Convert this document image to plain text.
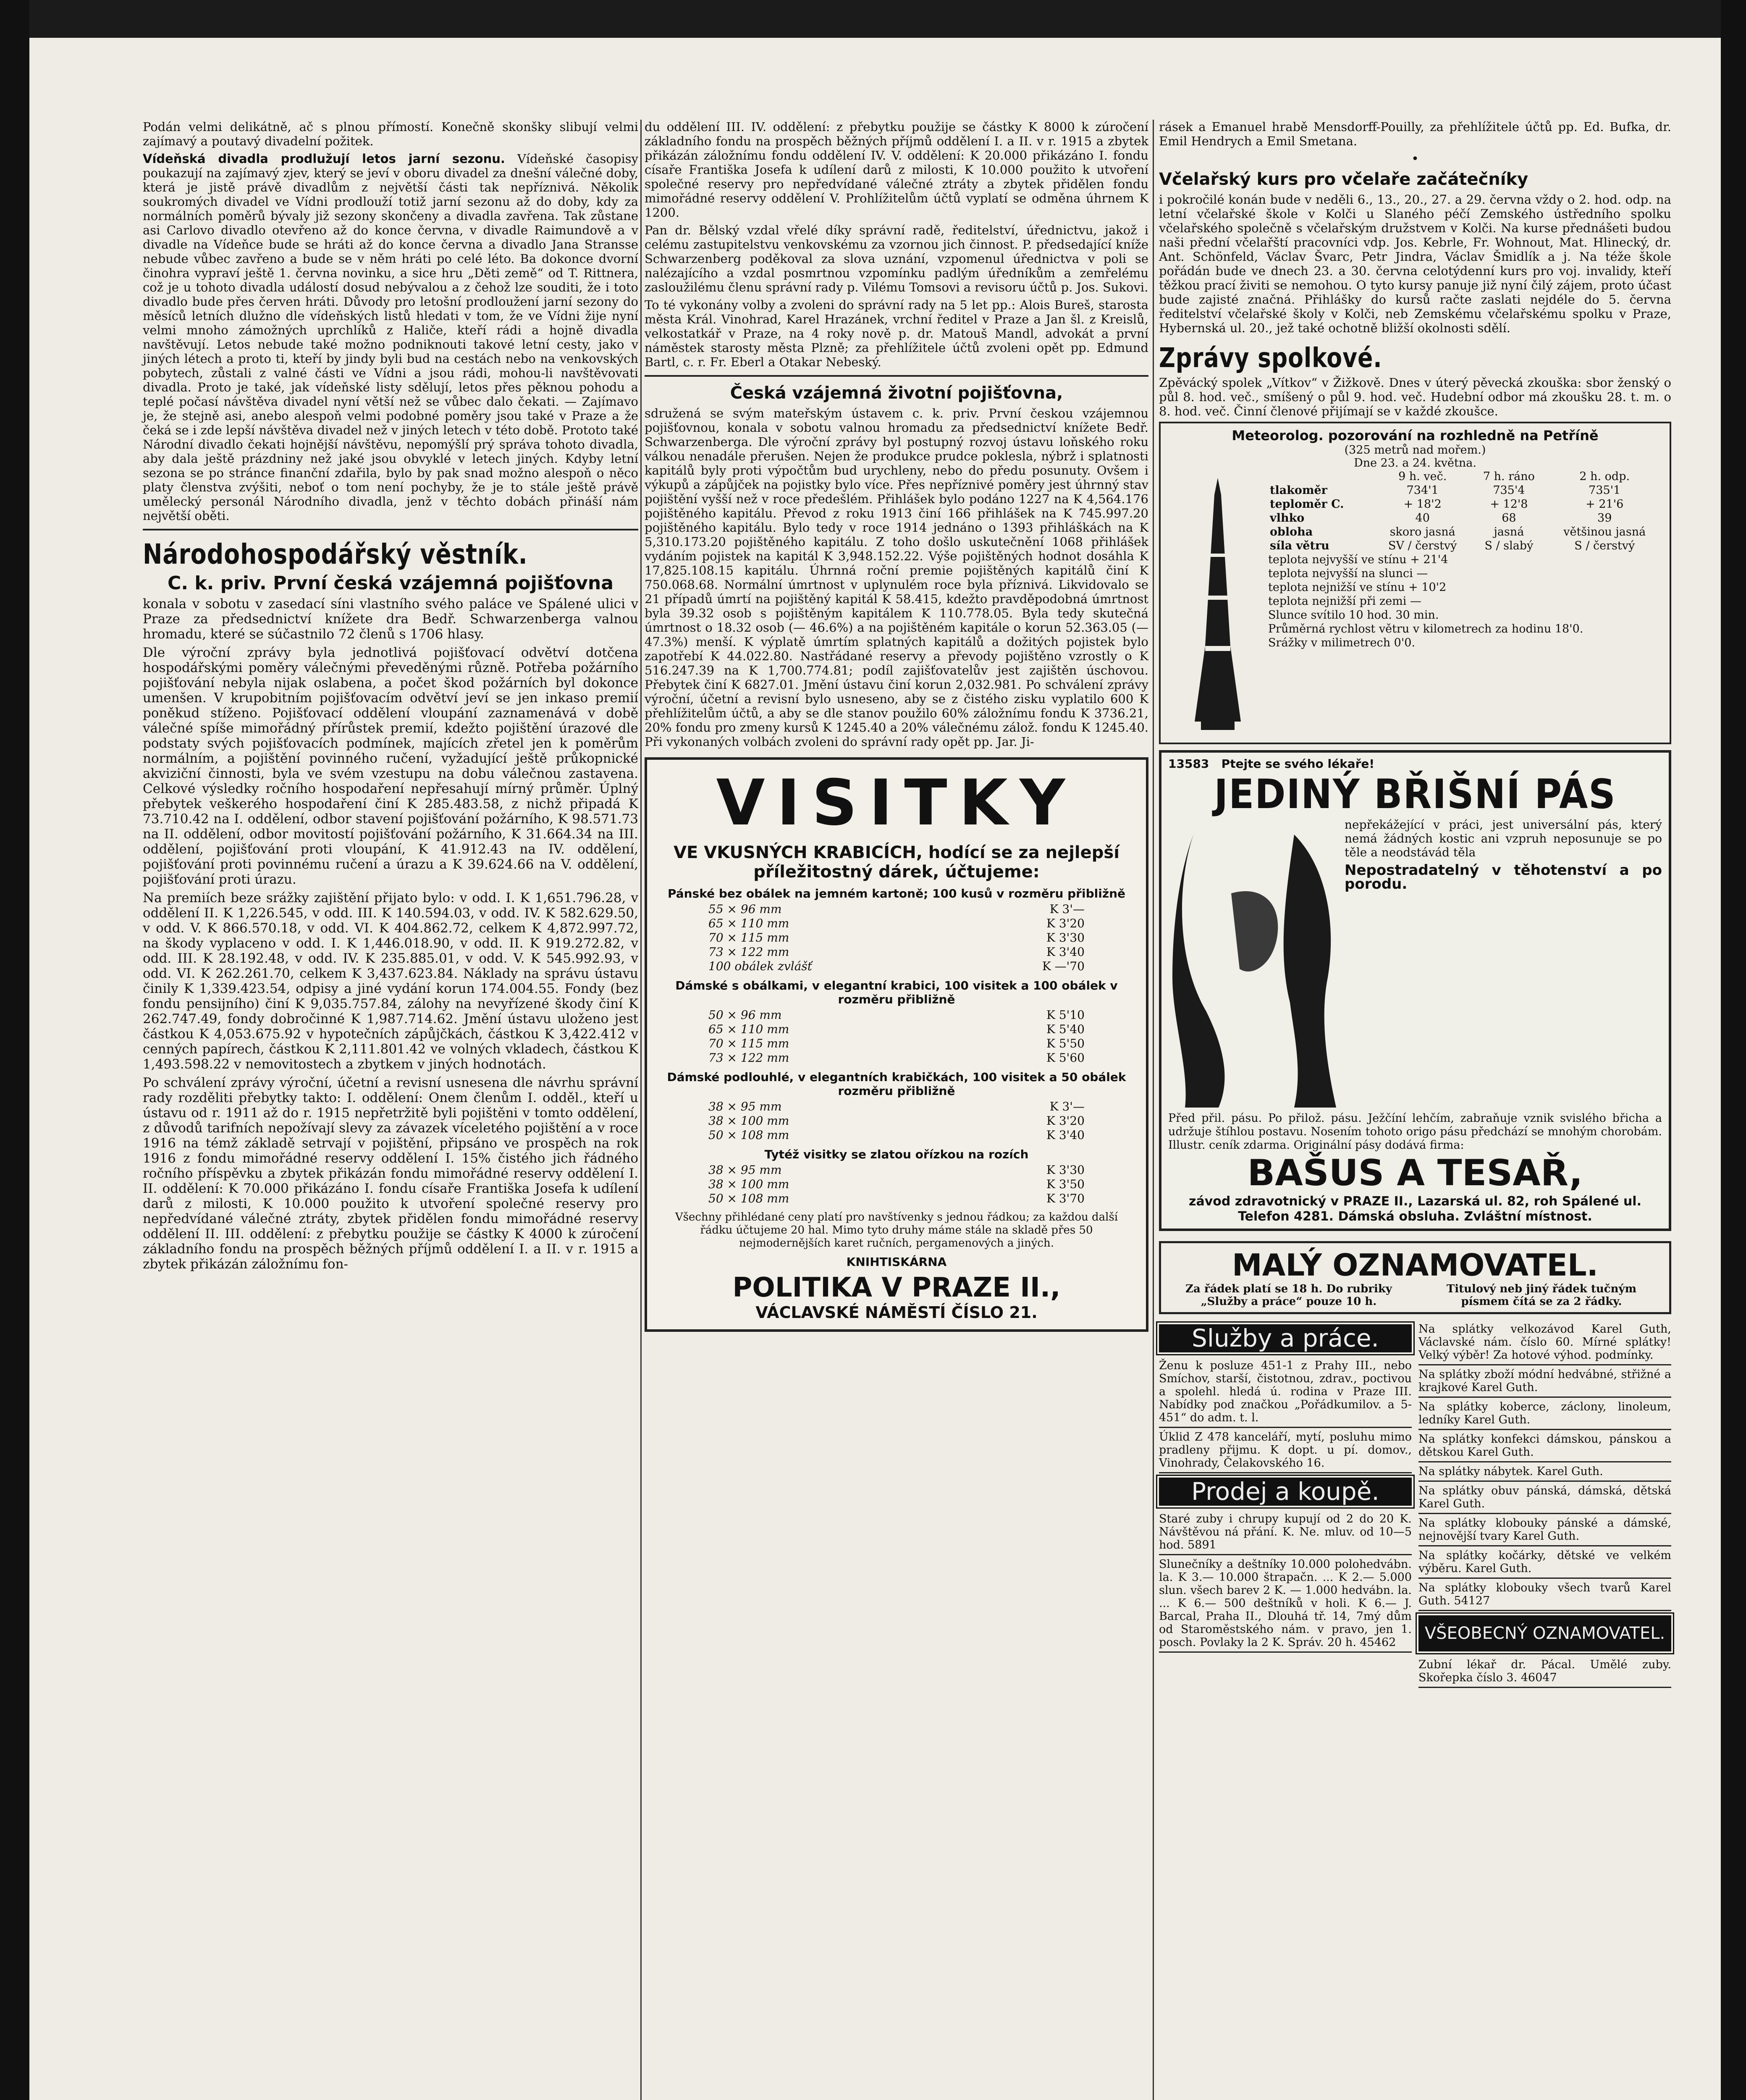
Podán velmi delikátně, ač s plnou přímostí. Konečně skonšky slibují velmi zajímavý a poutavý divadelní požitek.

Vídeňská divadla prodlužují letos jarní sezonu. Vídeňské časopisy poukazují na zajímavý zjev, který se jeví v oboru divadel za dnešní válečné doby, která je jistě právě divadlům z největší části tak nepříznivá. Několik soukromých divadel ve Vídni prodlouží totiž jarní sezonu až do doby, kdy za normálních poměrů bývaly již sezony skončeny a divadla zavřena. Tak zůstane asi Carlovo divadlo otevřeno až do konce června, v divadle Raimundově a v divadle na Vídeňce bude se hráti až do konce června a divadlo Jana Stransse nebude vůbec zavřeno a bude se v něm hráti po celé léto. Ba dokonce dvorní činohra vypraví ještě 1. června novinku, a sice hru „Děti země“ od T. Rittnera, což je u tohoto divadla událostí dosud nebývalou a z čehož lze souditi, že i toto divadlo bude přes červen hráti. Důvody pro letošní prodloužení jarní sezony do měsíců letních dlužno dle vídeňských listů hledati v tom, že ve Vídni žije nyní velmi mnoho zámožných uprchlíků z Haliče, kteří rádi a hojně divadla navštěvují. Letos nebude také možno podniknouti takové letní cesty, jako v jiných létech a proto ti, kteří by jindy byli bud na cestách nebo na venkovských pobytech, zůstali z valné části ve Vídni a jsou rádi, mohou-li navštěvovati divadla. Proto je také, jak vídeňské listy sdělují, letos přes pěknou pohodu a teplé počasí návštěva divadel nyní větší než se vůbec dalo čekati. — Zajímavo je, že stejně asi, anebo alespoň velmi podobné poměry jsou také v Praze a že čeká se i zde lepší návštěva divadel než v jiných letech v této době. Prototo také Národní divadlo čekati hojnější návštěvu, nepomýšlí prý správa tohoto divadla, aby dala ještě prázdniny než jaké jsou obvyklé v letech jiných. Kdyby letní sezona se po stránce finanční zdařila, bylo by pak snad možno alespoň o něco platy členstva zvýšiti, neboť o tom není pochyby, že je to stále ještě právě umělecký personál Národního divadla, jenž v těchto dobách přináší nám největší oběti.

Národohospodářský věstník.
C. k. priv. První česká vzájemná pojišťovna

konala v sobotu v zasedací síni vlastního svého paláce ve Spálené ulici v Praze za předsednictví knížete dra Bedř. Schwarzenberga valnou hromadu, které se súčastnilo 72 členů s 1706 hlasy.

Dle výroční zprávy byla jednotlivá pojišťovací odvětví dotčena hospodářskými poměry válečnými převeděnými různě. Potřeba požárního pojišťování nebyla nijak oslabena, a počet škod požárních byl dokonce umenšen. V krupobitním pojišťovacím odvětví jeví se jen inkaso premií poněkud stíženo. Pojišťovací oddělení vloupání zaznamenává v době válečné spíše mimořádný přírůstek premií, kdežto pojištění úrazové dle podstaty svých pojišťovacích podmínek, majících zřetel jen k poměrům normálním, a pojištění povinného ručení, vyžadující ještě průkopnické akviziční činnosti, byla ve svém vzestupu na dobu válečnou zastavena. Celkové výsledky ročního hospodaření nepřesahují mírný průměr. Úplný přebytek veškerého hospodaření činí K 285.483.58, z nichž připadá K 73.710.42 na I. oddělení, odbor stavení pojišťování požárního, K 98.571.73 na II. oddělení, odbor movitostí pojišťování požárního, K 31.664.34 na III. oddělení, pojišťování proti vloupání, K 41.912.43 na IV. oddělení, pojišťování proti povinnému ručení a úrazu a K 39.624.66 na V. oddělení, pojišťování proti úrazu.

Na premiích beze srážky zajištění přijato bylo: v odd. I. K 1,651.796.28, v oddělení II. K 1,226.545, v odd. III. K 140.594.03, v odd. IV. K 582.629.50, v odd. V. K 866.570.18, v odd. VI. K 404.862.72, celkem K 4,872.997.72, na škody vyplaceno v odd. I. K 1,446.018.90, v odd. II. K 919.272.82, v odd. III. K 28.192.48, v odd. IV. K 235.885.01, v odd. V. K 545.992.93, v odd. VI. K 262.261.70, celkem K 3,437.623.84. Náklady na správu ústavu činily K 1,339.423.54, odpisy a jiné vydání korun 174.004.55. Fondy (bez fondu pensijního) činí K 9,035.757.84, zálohy na nevyřízené škody činí K 262.747.49, fondy dobročinné K 1,987.714.62. Jmění ústavu uloženo jest částkou K 4,053.675.92 v hypotečních zápůjčkách, částkou K 3,422.412 v cenných papírech, částkou K 2,111.801.42 ve volných vkladech, částkou K 1,493.598.22 v nemovitostech a zbytkem v jiných hodnotách.

Po schválení zprávy výroční, účetní a revisní usnesena dle návrhu správní rady rozděliti přebytky takto: I. oddělení: Onem členům I. odděl., kteří u ústavu od r. 1911 až do r. 1915 nepřetržitě byli pojištěni v tomto oddělení, z důvodů tarifních nepožívají slevy za závazek víceletého pojištění a v roce 1916 na témž základě setrvají v pojištění, připsáno ve prospěch na rok 1916 z fondu mimořádné reservy oddělení I. 15% čistého jich řádného ročního příspěvku a zbytek přikázán fondu mimořádné reservy oddělení I. II. oddělení: K 70.000 přikázáno I. fondu císaře Františka Josefa k udílení darů z milosti, K 10.000 použito k utvoření společné reservy pro nepředvídané válečné ztráty, zbytek přidělen fondu mimořádné reservy oddělení II. III. oddělení: z přebytku použije se částky K 4000 k zúročení základního fondu na prospěch běžných příjmů oddělení I. a II. v r. 1915 a zbytek přikázán záložnímu fon-

du oddělení III. IV. oddělení: z přebytku použije se částky K 8000 k zúročení základního fondu na prospěch běžných příjmů oddělení I. a II. v r. 1915 a zbytek přikázán záložnímu fondu oddělení IV. V. oddělení: K 20.000 přikázáno I. fondu císaře Františka Josefa k udílení darů z milosti, K 10.000 použito k utvoření společné reservy pro nepředvídané válečné ztráty a zbytek přidělen fondu mimořádné reservy oddělení V. Prohlížitelům účtů vyplatí se odměna úhrnem K 1200.

Pan dr. Bělský vzdal vřelé díky správní radě, ředitelství, úřednictvu, jakož i celému zastupitelstvu venkovskému za vzornou jich činnost. P. předsedající kníže Schwarzenberg poděkoval za slova uznání, vzpomenul úřednictva v poli se nalézajícího a vzdal posmrtnou vzpomínku padlým úředníkům a zemřelému zasloužilému členu správní rady p. Vilému Tomsovi a revisoru účtů p. Jos. Sukovi.

To té vykonány volby a zvoleni do správní rady na 5 let pp.: Alois Bureš, starosta města Král. Vinohrad, Karel Hrazánek, vrchní ředitel v Praze a Jan šl. z Kreislů, velkostatkář v Praze, na 4 roky nově p. dr. Matouš Mandl, advokát a první náměstek starosty města Plzně; za přehlížitele účtů zvoleni opět pp. Edmund Bartl, c. r. Fr. Eberl a Otakar Nebeský.

Česká vzájemná životní pojišťovna,

sdružená se svým mateřským ústavem c. k. priv. První českou vzájemnou pojišťovnou, konala v sobotu valnou hromadu za předsednictví knížete Bedř. Schwarzenberga. Dle výroční zprávy byl postupný rozvoj ústavu loňského roku válkou nenadále přerušen. Nejen že produkce prudce poklesla, nýbrž i splatnosti kapitálů byly proti výpočtům bud urychleny, nebo do předu posunuty. Ovšem i výkupů a zápůjček na pojistky bylo více. Přes nepříznivé poměry jest úhrnný stav pojištění vyšší než v roce předešlém. Přihlášek bylo podáno 1227 na K 4,564.176 pojištěného kapitálu. Převod z roku 1913 činí 166 přihlášek na K 745.997.20 pojištěného kapitálu. Bylo tedy v roce 1914 jednáno o 1393 přihláškách na K 5,310.173.20 pojištěného kapitálu. Z toho došlo uskutečnění 1068 přihlášek vydáním pojistek na kapitál K 3,948.152.22. Výše pojištěných hodnot dosáhla K 17,825.108.15 kapitálu. Úhrnná roční premie pojištěných kapitálů činí K 750.068.68. Normální úmrtnost v uplynulém roce byla příznivá. Likvidovalo se 21 případů úmrtí na pojištěný kapitál K 58.415, kdežto pravděpodobná úmrtnost byla 39.32 osob s pojištěným kapitálem K 110.778.05. Byla tedy skutečná úmrtnost o 18.32 osob (— 46.6%) a na pojištěném kapitále o korun 52.363.05 (— 47.3%) menší. K výplatě úmrtím splatných kapitálů a dožitých pojistek bylo zapotřebí K 44.022.80. Nastřádané reservy a převody pojištěno vzrostly o K 516.247.39 na K 1,700.774.81; podíl zajišťovatelův jest zajištěn úschovou. Přebytek činí K 6827.01. Jmění ústavu činí korun 2,032.981. Po schválení zprávy výroční, účetní a revisní bylo usneseno, aby se z čistého zisku vyplatilo 600 K přehlížitelům účtů, a aby se dle stanov použilo 60% záložnímu fondu K 3736.21, 20% fondu pro zmeny kursů K 1245.40 a 20% válečnému zálož. fondu K 1245.40. Při vykonaných volbách zvoleni do správní rady opět pp. Jar. Ji-

VISITKY
VE VKUSNÝCH KRABICÍCH, hodící se za nejlepší příležitostný dárek, účtujeme:
Pánské bez obálek na jemném kartoně; 100 kusů v rozměru přibližně
55 × 96 mm	K 3'—
65 × 110 mm	K 3'20
70 × 115 mm	K 3'30
73 × 122 mm	K 3'40
100 obálek zvlášť	K —'70
Dámské s obálkami, v elegantní krabici, 100 visitek a 100 obálek v rozměru přibližně
50 × 96 mm	K 5'10
65 × 110 mm	K 5'40
70 × 115 mm	K 5'50
73 × 122 mm	K 5'60
Dámské podlouhlé, v elegantních krabičkách, 100 visitek a 50 obálek rozměru přibližně
38 × 95 mm	K 3'—
38 × 100 mm	K 3'20
50 × 108 mm	K 3'40
Tytéž visitky se zlatou ořízkou na rozích
38 × 95 mm	K 3'30
38 × 100 mm	K 3'50
50 × 108 mm	K 3'70
Všechny přihlédané ceny platí pro navštívenky s jednou řádkou; za každou další řádku účtujeme 20 hal. Mimo tyto druhy máme stále na skladě přes 50 nejmodernějších karet ručních, pergamenových a jiných.
KNIHTISKÁRNA
POLITIKA V PRAZE II.,
VÁCLAVSKÉ NÁMĚSTÍ ČÍSLO 21.

rásek a Emanuel hrabě Mensdorff-Pouilly, za přehlížitele účtů pp. Ed. Bufka, dr. Emil Hendrych a Emil Smetana.

•
Včelařský kurs pro včelaře začátečníky

i pokročilé konán bude v neděli 6., 13., 20., 27. a 29. června vždy o 2. hod. odp. na letní včelařské škole v Kolči u Slaného péčí Zemského ústředního spolku včelařského společně s včelařským družstvem v Kolči. Na kurse přednášeti budou naši přední včelařští pracovníci vdp. Jos. Kebrle, Fr. Wohnout, Mat. Hlinecký, dr. Ant. Schönfeld, Václav Švarc, Petr Jindra, Václav Šmidlík a j. Na téže škole pořádán bude ve dnech 23. a 30. června celotýdenní kurs pro voj. invalidy, kteří těžkou prací živiti se nemohou. O tyto kursy panuje již nyní čilý zájem, proto účast bude zajisté značná. Přihlášky do kursů račte zaslati nejdéle do 5. června ředitelství včelařské školy v Kolči, neb Zemskému včelařskému spolku v Praze, Hybernská ul. 20., jež také ochotně bližší okolnosti sdělí.

Zprávy spolkové.

Zpěvácký spolek „Vítkov“ v Žižkově. Dnes v úterý pěvecká zkouška: sbor ženský o půl 8. hod. več., smíšený o půl 9. hod. več. Hudební odbor má zkoušku 28. t. m. o 8. hod. več. Činní členové přijímají se v každé zkoušce.

Meteorolog. pozorování na rozhledně na Petříně
(325 metrů nad mořem.)
Dne 23. a 24. května.
	9 h. več.	7 h. ráno	2 h. odp.
tlakoměr	734'1	735'4	735'1
teploměr C.	+ 18'2	+ 12'8	+ 21'6
vlhko	40	68	39
obloha	skoro jasná	jasná	většinou jasná
síla větru	SV / čerstvý	S / slabý	S / čerstvý
teplota nejvyšší ve stínu + 21'4
teplota nejvyšší na slunci —
teplota nejnižší ve stínu + 10'2
teplota nejnižší při zemi —
Slunce svítilo 10 hod. 30 min.
Průměrná rychlost větru v kilometrech za hodinu 18'0.
Srážky v milimetrech 0'0.
13583 Ptejte se svého lékaře!
JEDINÝ BŘIŠNÍ PÁS
nepřekážející v práci, jest universální pás, který nemá žádných kostic ani vzpruh neposunuje se po těle a neodstávád těla
Nepostradatelný v těhotenství a po porodu.
Před přil. pásu. Po přilož. pásu. Ježčíní lehčím, zabraňuje vznik svislého břicha a udržuje štíhlou postavu. Nosením tohoto origo pásu předchází se mnohým chorobám. Illustr. ceník zdarma. Originální pásy dodává firma:
BAŠUS A TESAŘ,
závod zdravotnický v PRAZE II., Lazarská ul. 82, roh Spálené ul. Telefon 4281. Dámská obsluha. Zvláštní místnost.
MALÝ OZNAMOVATEL.
Za řádek platí se 18 h. Do rubriky „Služby a práce“ pouze 10 h.
Titulový neb jiný řádek tučným písmem čítá se za 2 řádky.
Služby a práce.
Ženu k posluze 451-1 z Prahy III., nebo Smíchov, starší, čistotnou, zdrav., poctivou a spolehl. hledá ú. rodina v Praze III. Nabídky pod značkou „Pořádkumilov. a 5-451“ do adm. t. l.
Úklid Z 478 kanceláří, mytí, posluhu mimo pradleny přijmu. K dopt. u pí. domov., Vinohrady, Čelakovského 16.
Prodej a koupě.
Staré zuby i chrupy kupují od 2 do 20 K. Návštěvou ná přání. K. Ne. mluv. od 10—5 hod. 5891
Slunečníky a deštníky 10.000 polohedvábn. la. K 3.— 10.000 štrapačn. ... K 2.— 5.000 slun. všech barev 2 K. — 1.000 hedvábn. la. ... K 6.— 500 deštníků v holi. K 6.— J. Barcal, Praha II., Dlouhá tř. 14, 7mý dům od Staroměstského nám. v pravo, jen 1. posch. Povlaky la 2 K. Správ. 20 h. 45462
Na splátky velkozávod Karel Guth, Václavské nám. číslo 60. Mírné splátky! Velký výběr! Za hotové výhod. podmínky.
Na splátky zboží módní hedvábné, střižné a krajkové Karel Guth.
Na splátky koberce, záclony, linoleum, ledníky Karel Guth.
Na splátky konfekci dámskou, pánskou a dětskou Karel Guth.
Na splátky nábytek. Karel Guth.
Na splátky obuv pánská, dámská, dětská Karel Guth.
Na splátky klobouky pánské a dámské, nejnovější tvary Karel Guth.
Na splátky kočárky, dětské ve velkém výběru. Karel Guth.
Na splátky klobouky všech tvarů Karel Guth. 54127
VŠEOBECNÝ OZNAMOVATEL.
Zubní lékař dr. Pácal. Umělé zuby. Skořepka číslo 3. 46047
